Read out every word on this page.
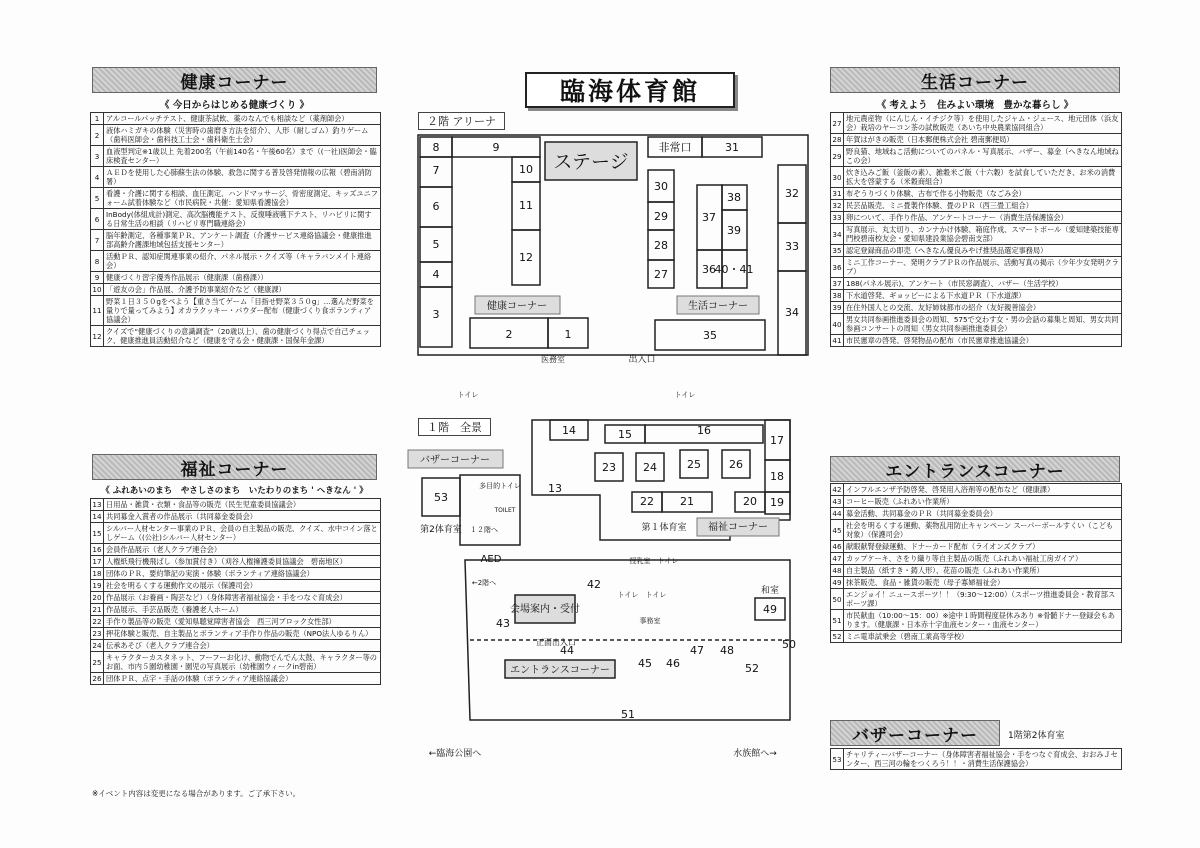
健康コーナー
《 今日からはじめる健康づくり 》
1	アルコールパッチテスト、健康茶試飲、薬のなんでも相談など（薬剤師会）
2	液体ハミガキの体験（災害時の歯磨き方法を紹介）、人形（耐しゴム）釣りゲーム（歯科医師会・歯科技工士会・歯科衛生士会）
3	血液型判定※1歳以上 先着200名（午前140名・午後60名）まで（(一社)医師会・臨床検査センター）
4	ＡＥＤを使用した心肺蘇生法の体験、救急に関する普及啓発情報の広報（碧南消防署）
5	看護・介護に関する相談、血圧測定、ハンドマッサージ、骨密度測定、キッズユニフォーム試着体験など（市民病院・共催：愛知県看護協会）
6	InBody(体組成計)測定、高次脳機能テスト、反復唾液嚥下テスト、リハビリに関する日常生活の相談（リハビリ専門職連絡会）
7	脳年齢測定、各種事業ＰＲ、アンケート調査（介護サービス連絡協議会・健康推進部高齢介護課地域包括支援センター）
8	活動ＰＲ、認知症関連事業の紹介、パネル展示・クイズ等（キャラバンメイト連絡会）
9	健康づくり習字優秀作品展示（健康課（歯務課））
10	「遊友の会」作品展、介護予防事業紹介など（健康課）
11	野菜１日３５０gをべよう【重さ当てゲーム「目指せ野菜３５０g」…選んだ野菜を量りで量ってみよう】オカラクッキー・パウダー配布（健康づくり食ボランティア協議会）
12	クイズで“健康づくりの意識調査”（20歳以上）、歯の健康づくり得点で自己チェック、健康推進員活動紹介など（健康を守る会・健康課・国保年金課）
福祉コーナー
《 ふれあいのまち　やさしさのまち　いたわりのまち ' へきなん ' 》
13	日用品・雑貨・衣類・食品等の販売（民生児童委員協議会）
14	共同募金入賞者の作品展示（共同募金委員会）
15	シルバー人材センター事業のＰＲ、会員の自主製品の販売、クイズ、水中コイン落としゲーム（(公社)シルバー人材センター）
16	会員作品展示（老人クラブ連合会）
17	人権紙飛行機飛ばし（参加賞付き）（刈谷人権擁護委員協議会　碧南地区）
18	団体のＰＲ、要約筆記の実演・体験（ボランティア連絡協議会）
19	社会を明るくする運動作文の展示（保護司会）
20	作品展示（お養画・陶芸など）（身体障害者福祉協会・手をつなぐ育成会）
21	作品展示、手芸品販売（養護老人ホーム）
22	手作り製品等の販売（愛知県聴覚障害者協会　西三河ブロック女性部）
23	押花体験と販売、自主製品とボランティア手作り作品の販売（NPO法人ゆるりん）
24	伝承あそび（老人クラブ連合会）
25	キャラクターカスタネット、フーフーお化け、動物でんでん太鼓、キャラクター等のお面、市内５園幼稚園・園児の写真展示（幼稚園ウィークin碧南）
26	団体ＰＲ、点字・手話の体験（ボランティア連絡協議会）
※イベント内容は変更になる場合があります。ご了承下さい。
臨海体育館
２階 アリーナ
１階　全景
1
2
3
4
5
6
7
8	9
10
11
12
27
28
29
30
31
32
33
34
35
36
37
38
39
40・41
13
14	15	16
17
18
19
20
21
22
23 24	25	26
42
43
44
45 46
47 48
49
50
51
52
53
ステージ
非常口
健康コーナー	生活コーナー
医務室	出入口
トイレ	トイレ
バザーコーナー
第2体育室	第１体育室 福祉コーナー
多目的トイレ
TOILET
１２階へ
AED
←2階へ
授乳室 トイレ
トイレ トイレ
会場案内・受付
事務室
正面出入口
エントランスコーナー
和室
←臨海公園へ	水族館へ→
生活コーナー
《 考えよう　住みよい環境　豊かな暮らし 》
27	地元農産物（にんじん・イチジク等）を使用したジャム・ジュース、地元団体（浜友会）栽培のヤーコン茶の試飲販売（あいち中央農業協同組合）
28	年賀はがきの販売（日本郵便株式会社 碧南郵便局）
29	野良猫、地域ねこ活動についてのパネル・写真展示、バザー、募金（へきなん地域ねこの会）
30	炊き込みご飯（釜飯の素）、雑穀米ご飯（十六穀）を試食していただき、お米の消費拡大を啓蒙する（米穀商組合）
31	布ぞうりづくり体験、古布で作る小物販売（なごみ会）
32	民芸品販売、ミニ畳製作体験、畳のＰＲ（西三畳工組合）
33	卵について、手作り作品、アンケートコーナー（消費生活保護協会）
34	写真展示、丸太切り、カンナかけ体験、箱庭作成、スマートボール（愛知建築技能専門校碧南校友会・愛知県建設業協会碧南支部）
35	認定登録商品の即売（へきなん優良みやげ推奨品選定事務局）
36	ミニ工作コーナー、発明クラブＰＲの作品展示、活動写真の掲示（少年少女発明クラブ）
37	188(パネル展示)、アンケート（市民窓調査）、バザー（生活学校）
38	下水道啓発、ギョッピーによる下水道ＰＲ（下水道課）
39	在住外国人との交流、友好姉妹都市の紹介（友好親善協会）
40	男女共同参画推進委員会の周知、575で交わす女・男の会話の募集と周知、男女共同参画コンサートの周知（男女共同参画推進委員会）
41	市民憲章の啓発、啓発物品の配布（市民憲章推進協議会）
エントランスコーナー
42	インフルエンザ予防啓発、啓発用入浴剤等の配布など（健康課）
43	コーヒー販売（ふれあい作業所）
44	募金活動、共同募金のＰＲ（共同募金委員会）
45	社会を明るくする運動、薬物乱用防止キャンペーン スーパーボールすくい（こども対象）（保護司会）
46	献眼献腎登録運動、ドナーカード配布（ライオンズクラブ）
47	カップケーキ、さをり織り等自主製品の販売（ふれあい福祉工房ガイア）
48	自主製品（紙すき・鋳人形）、花苗の販売（ふれあい作業所）
49	抹茶販売、食品・雑貨の販売（母子寡婦福祉会）
50	エンジョイ！ニュースポーツ！！（9:30～12:00）（スポーツ推進委員会・教育部スポーツ課）
51	市民献血（10:00～15：00）※途中１時間程度昼休みあり ※骨髄ドナー登録会もあります。（健康課・日本赤十字血液センター・血液センター）
52	ミニ電車試乗会（碧南工業高等学校）
バザーコーナー	1階第2体育室
53	チャリティーバザーコーナー（身体障害者福祉協会・手をつなぐ育成会、おおみＪセンター、西三河の輪をつくろう！！・消費生活保護協会）
